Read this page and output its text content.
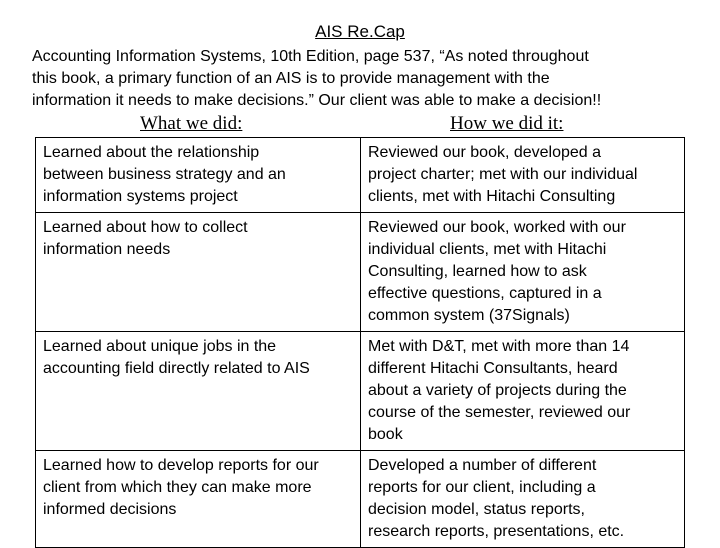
AIS Re.Cap
Accounting Information Systems, 10th Edition, page 537, “As noted throughout
this book, a primary function of an AIS is to provide management with the
information it needs to make decisions.” Our client was able to make a decision!!
What we did:	How we did it:
Learned about the relationship
between business strategy and an
information systems project	Reviewed our book, developed a
project charter; met with our individual
clients, met with Hitachi Consulting
Learned about how to collect
information needs	Reviewed our book, worked with our
individual clients, met with Hitachi
Consulting, learned how to ask
effective questions, captured in a
common system (37Signals)
Learned about unique jobs in the
accounting field directly related to AIS	Met with D&T, met with more than 14
different Hitachi Consultants, heard
about a variety of projects during the
course of the semester, reviewed our
book
Learned how to develop reports for our
client from which they can make more
informed decisions	Developed a number of different
reports for our client, including a
decision model, status reports,
research reports, presentations, etc.
